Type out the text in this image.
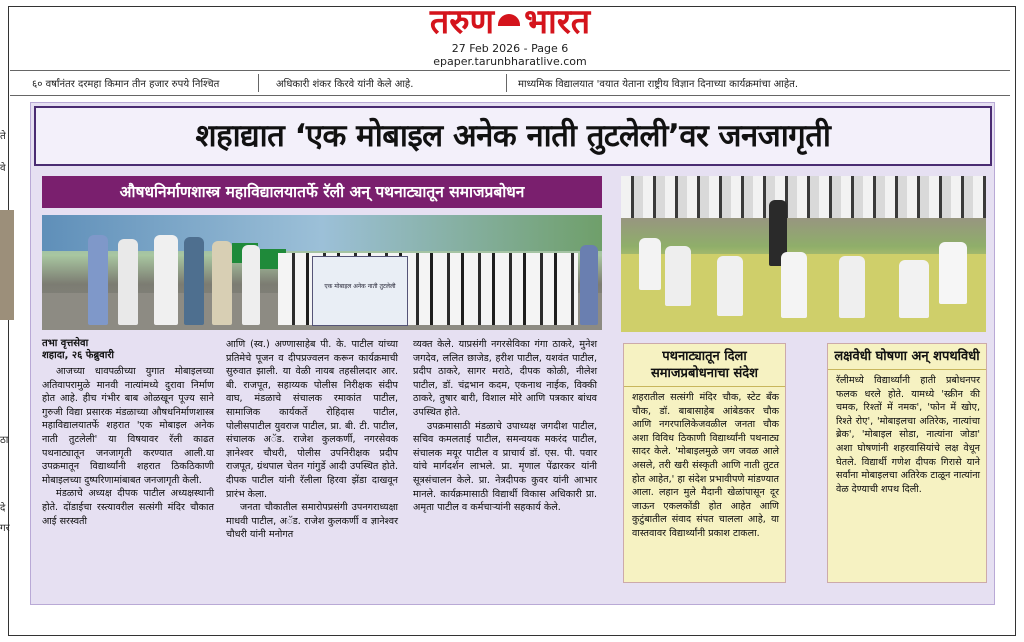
तरुण भारत
27 Feb 2026 - Page 6
epaper.tarunbharatlive.com
६० वर्षांनंतर दरमहा किमान तीन हजार रुपये निश्चित	अधिकारी शंकर किरवे यांनी केले आहे.	माध्यमिक विद्यालयात 'वयात येताना राष्ट्रीय विज्ञान दिनाच्या कार्यक्रमांचा आहेत.
ते
वे
ठा
दे
गर
शहाद्यात ‘एक मोबाइल अनेक नाती तुटलेली’वर जनजागृती
औषधनिर्माणशास्त्र महाविद्यालयातर्फे रॅली अन् पथनाट्यातून समाजप्रबोधन
एक मोबाइल अनेक नाती तुटलेली
तभा वृत्तसेवा
शहादा, २६ फेब्रुवारी

आजच्या धावपळीच्या युगात मोबाइलच्या अतिवापरामुळे मानवी नात्यांमध्ये दुरावा निर्माण होत आहे. हीच गंभीर बाब ओळखून पूज्य साने गुरुजी विद्या प्रसारक मंडळाच्या औषधनिर्माणशास्त्र महाविद्यालयातर्फे शहरात 'एक मोबाइल अनेक नाती तुटलेली' या विषयावर रॅली काढत पथनाट्यातून जनजागृती करण्यात आली.या उपक्रमातून विद्यार्थ्यांनी शहरात ठिकठिकाणी मोबाइलच्या दुष्परिणामांबाबत जनजागृती केली.

मंडळाचे अध्यक्ष दीपक पाटील अध्यक्षस्थानी होते. दोंडाईचा रस्त्यावरील सत्संगी मंदिर चौकात आई सरस्वती

आणि (स्व.) अण्णासाहेब पी. के. पाटील यांच्या प्रतिमेचे पूजन व दीपप्रज्वलन करून कार्यक्रमाची सुरुवात झाली. या वेळी नायब तहसीलदार आर. बी. राजपूत, सहाय्यक पोलीस निरीक्षक संदीप वाघ, मंडळाचे संचालक रमाकांत पाटील, सामाजिक कार्यकर्ते रोहिदास पाटील, पोलीसपाटील युवराज पाटील, प्रा. बी. टी. पाटील, संचालक अॅड. राजेश कुलकर्णी, नगरसेवक ज्ञानेश्वर चौधरी, पोलीस उपनिरीक्षक प्रदीप राजपूत, ग्रंथपाल चेतन गांगुर्डे आदी उपस्थित होते. दीपक पाटील यांनी रॅलीला हिरवा झेंडा दाखवून प्रारंभ केला.

जनता चौकातील समारोपप्रसंगी उपनगराध्यक्षा माधवी पाटील, अॅड. राजेश कुलकर्णी व ज्ञानेश्वर चौधरी यांनी मनोगत

व्यक्त केले. याप्रसंगी नगरसेविका गंगा ठाकरे, मुनेश जगदेव, ललित छाजेड, हरीश पाटील, यशवंत पाटील, प्रदीप ठाकरे, सागर मराठे, दीपक कोळी, नीलेश पाटील, डॉ. चंद्रभान कदम, एकनाथ नाईक, विक्की ठाकरे, तुषार बारी, विशाल मोरे आणि पत्रकार बांधव उपस्थित होते.

उपक्रमासाठी मंडळाचे उपाध्यक्ष जगदीश पाटील, सचिव कमलताई पाटील, समन्वयक मकरंद पाटील, संचालक मयूर पाटील व प्राचार्य डॉ. एस. पी. पवार यांचे मार्गदर्शन लाभले. प्रा. मृणाल पेंढारकर यांनी सूत्रसंचालन केले. प्रा. नेत्रदीपक कुवर यांनी आभार मानले. कार्यक्रमासाठी विद्यार्थी विकास अधिकारी प्रा. अमृता पाटील व कर्मचाऱ्यांनी सहकार्य केले.

पथनाट्यातून दिला समाजप्रबोधनाचा संदेश
शहरातील सत्संगी मंदिर चौक, स्टेट बँक चौक, डॉ. बाबासाहेब आंबेडकर चौक आणि नगरपालिकेजवळील जनता चौक अशा विविध ठिकाणी विद्यार्थ्यांनी पथनाट्य सादर केले. 'मोबाइलमुळे जग जवळ आले असले, तरी खरी संस्कृती आणि नाती तुटत होत आहेत,' हा संदेश प्रभावीपणे मांडण्यात आला. लहान मुले मैदानी खेळांपासून दूर जाऊन एकलकोंडी होत आहेत आणि कुटुंबातील संवाद संपत चालला आहे, या वास्तवावर विद्यार्थ्यांनी प्रकाश टाकला.
लक्षवेधी घोषणा अन् शपथविधी
रॅलीमध्ये विद्यार्थ्यांनी हाती प्रबोधनपर फलक धरले होते. यामध्ये 'स्क्रीन की चमक, रिश्तों में नमक', 'फोन में खोए, रिश्ते रोए', 'मोबाइलचा अतिरेक, नात्यांचा ब्रेक', 'मोबाइल सोडा, नात्यांना जोडा' अशा घोषणांनी शहरवासियांचे लक्ष वेधून घेतले. विद्यार्थी गणेश दीपक गिरासे याने सर्वांना मोबाइलचा अतिरेक टाळून नात्यांना वेळ देण्याची शपथ दिली.
